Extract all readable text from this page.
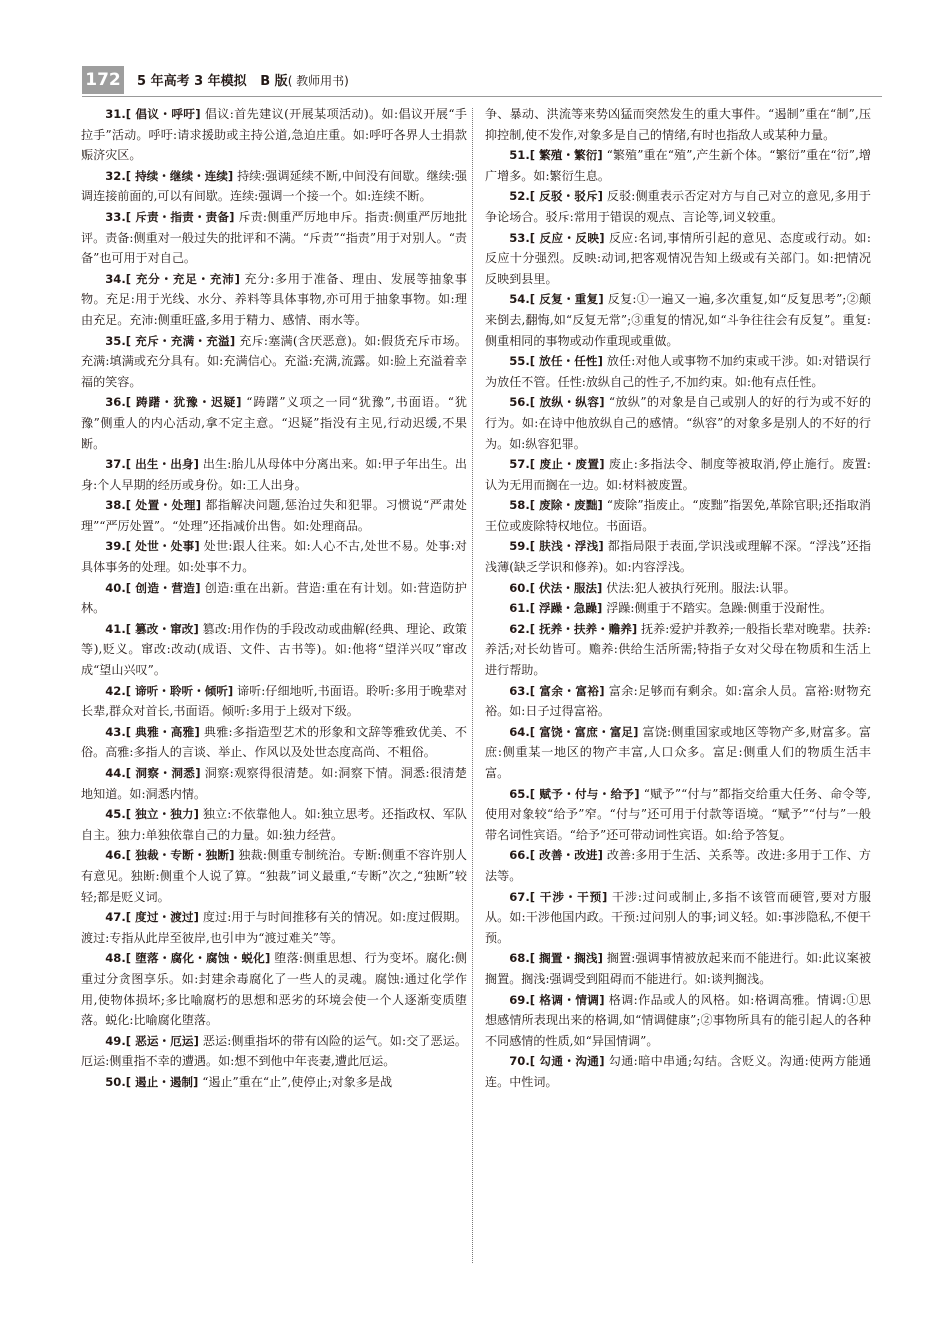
172 5 年高考 3 年模拟 B 版( 教师用书)

31.[ 倡议・呼吁] 倡议:首先建议(开展某项活动)。如:倡议开展“手拉手”活动。呼吁:请求援助或主持公道,急迫庄重。如:呼吁各界人士捐款赈济灾区。

32.[ 持续・继续・连续] 持续:强调延续不断,中间没有间歇。继续:强调连接前面的,可以有间歇。连续:强调一个接一个。如:连续不断。

33.[ 斥责・指责・责备] 斥责:侧重严厉地申斥。指责:侧重严厉地批评。责备:侧重对一般过失的批评和不满。“斥责”“指责”用于对别人。“责备”也可用于对自己。

34.[ 充分・充足・充沛] 充分:多用于准备、理由、发展等抽象事物。充足:用于光线、水分、养料等具体事物,亦可用于抽象事物。如:理由充足。充沛:侧重旺盛,多用于精力、感情、雨水等。

35.[ 充斥・充满・充溢] 充斥:塞满(含厌恶意)。如:假货充斥市场。充满:填满或充分具有。如:充满信心。充溢:充满,流露。如:脸上充溢着幸福的笑容。

36.[ 踌躇・犹豫・迟疑] “踌躇”义项之一同“犹豫”,书面语。“犹豫”侧重人的内心活动,拿不定主意。“迟疑”指没有主见,行动迟缓,不果断。

37.[ 出生・出身] 出生:胎儿从母体中分离出来。如:甲子年出生。出身:个人早期的经历或身份。如:工人出身。

38.[ 处置・处理] 都指解决问题,惩治过失和犯罪。习惯说“严肃处理”“严厉处置”。“处理”还指减价出售。如:处理商品。

39.[ 处世・处事] 处世:跟人往来。如:人心不古,处世不易。处事:对具体事务的处理。如:处事不力。

40.[ 创造・营造] 创造:重在出新。营造:重在有计划。如:营造防护林。

41.[ 篡改・窜改] 篡改:用作伪的手段改动或曲解(经典、理论、政策等),贬义。窜改:改动(成语、文件、古书等)。如:他将“望洋兴叹”窜改成“望山兴叹”。

42.[ 谛听・聆听・倾听] 谛听:仔细地听,书面语。聆听:多用于晚辈对长辈,群众对首长,书面语。倾听:多用于上级对下级。

43.[ 典雅・高雅] 典雅:多指造型艺术的形象和文辞等雅致优美、不俗。高雅:多指人的言谈、举止、作风以及处世态度高尚、不粗俗。

44.[ 洞察・洞悉] 洞察:观察得很清楚。如:洞察下情。洞悉:很清楚地知道。如:洞悉内情。

45.[ 独立・独力] 独立:不依靠他人。如:独立思考。还指政权、军队自主。独力:单独依靠自己的力量。如:独力经营。

46.[ 独裁・专断・独断] 独裁:侧重专制统治。专断:侧重不容许别人有意见。独断:侧重个人说了算。“独裁”词义最重,“专断”次之,“独断”较轻;都是贬义词。

47.[ 度过・渡过] 度过:用于与时间推移有关的情况。如:度过假期。渡过:专指从此岸至彼岸,也引申为“渡过难关”等。

48.[ 堕落・腐化・腐蚀・蜕化] 堕落:侧重思想、行为变坏。腐化:侧重过分贪图享乐。如:封建余毒腐化了一些人的灵魂。腐蚀:通过化学作用,使物体损坏;多比喻腐朽的思想和恶劣的环境会使一个人逐渐变质堕落。蜕化:比喻腐化堕落。

49.[ 恶运・厄运] 恶运:侧重指坏的带有凶险的运气。如:交了恶运。厄运:侧重指不幸的遭遇。如:想不到他中年丧妻,遭此厄运。

50.[ 遏止・遏制] “遏止”重在“止”,使停止;对象多是战

争、暴动、洪流等来势凶猛而突然发生的重大事件。“遏制”重在“制”,压抑控制,使不发作,对象多是自己的情绪,有时也指敌人或某种力量。

51.[ 繁殖・繁衍] “繁殖”重在“殖”,产生新个体。“繁衍”重在“衍”,增广增多。如:繁衍生息。

52.[ 反驳・驳斥] 反驳:侧重表示否定对方与自己对立的意见,多用于争论场合。驳斥:常用于错误的观点、言论等,词义较重。

53.[ 反应・反映] 反应:名词,事情所引起的意见、态度或行动。如:反应十分强烈。反映:动词,把客观情况告知上级或有关部门。如:把情况反映到县里。

54.[ 反复・重复] 反复:①一遍又一遍,多次重复,如“反复思考”;②颠来倒去,翻悔,如“反复无常”;③重复的情况,如“斗争往往会有反复”。重复:侧重相同的事物或动作重现或重做。

55.[ 放任・任性] 放任:对他人或事物不加约束或干涉。如:对错误行为放任不管。任性:放纵自己的性子,不加约束。如:他有点任性。

56.[ 放纵・纵容] “放纵”的对象是自己或别人的好的行为或不好的行为。如:在诗中他放纵自己的感情。“纵容”的对象多是别人的不好的行为。如:纵容犯罪。

57.[ 废止・废置] 废止:多指法令、制度等被取消,停止施行。废置:认为无用而搁在一边。如:材料被废置。

58.[ 废除・废黜] “废除”指废止。“废黜”指罢免,革除官职;还指取消王位或废除特权地位。书面语。

59.[ 肤浅・浮浅] 都指局限于表面,学识浅或理解不深。“浮浅”还指浅薄(缺乏学识和修养)。如:内容浮浅。

60.[ 伏法・服法] 伏法:犯人被执行死刑。服法:认罪。

61.[ 浮躁・急躁] 浮躁:侧重于不踏实。急躁:侧重于没耐性。

62.[ 抚养・扶养・赡养] 抚养:爱护并教养;一般指长辈对晚辈。扶养:养活;对长幼皆可。赡养:供给生活所需;特指子女对父母在物质和生活上进行帮助。

63.[ 富余・富裕] 富余:足够而有剩余。如:富余人员。富裕:财物充裕。如:日子过得富裕。

64.[ 富饶・富庶・富足] 富饶:侧重国家或地区等物产多,财富多。富庶:侧重某一地区的物产丰富,人口众多。富足:侧重人们的物质生活丰富。

65.[ 赋予・付与・给予] “赋予”“付与”都指交给重大任务、命令等,使用对象较“给予”窄。“付与”还可用于付款等语境。“赋予”“付与”一般带名词性宾语。“给予”还可带动词性宾语。如:给予答复。

66.[ 改善・改进] 改善:多用于生活、关系等。改进:多用于工作、方法等。

67.[ 干涉・干预] 干涉:过问或制止,多指不该管而硬管,要对方服从。如:干涉他国内政。干预:过问别人的事;词义轻。如:事涉隐私,不便干预。

68.[ 搁置・搁浅] 搁置:强调事情被放起来而不能进行。如:此议案被搁置。搁浅:强调受到阻碍而不能进行。如:谈判搁浅。

69.[ 格调・情调] 格调:作品或人的风格。如:格调高雅。情调:①思想感情所表现出来的格调,如“情调健康”;②事物所具有的能引起人的各种不同感情的性质,如“异国情调”。

70.[ 勾通・沟通] 勾通:暗中串通;勾结。含贬义。沟通:使两方能通连。中性词。
